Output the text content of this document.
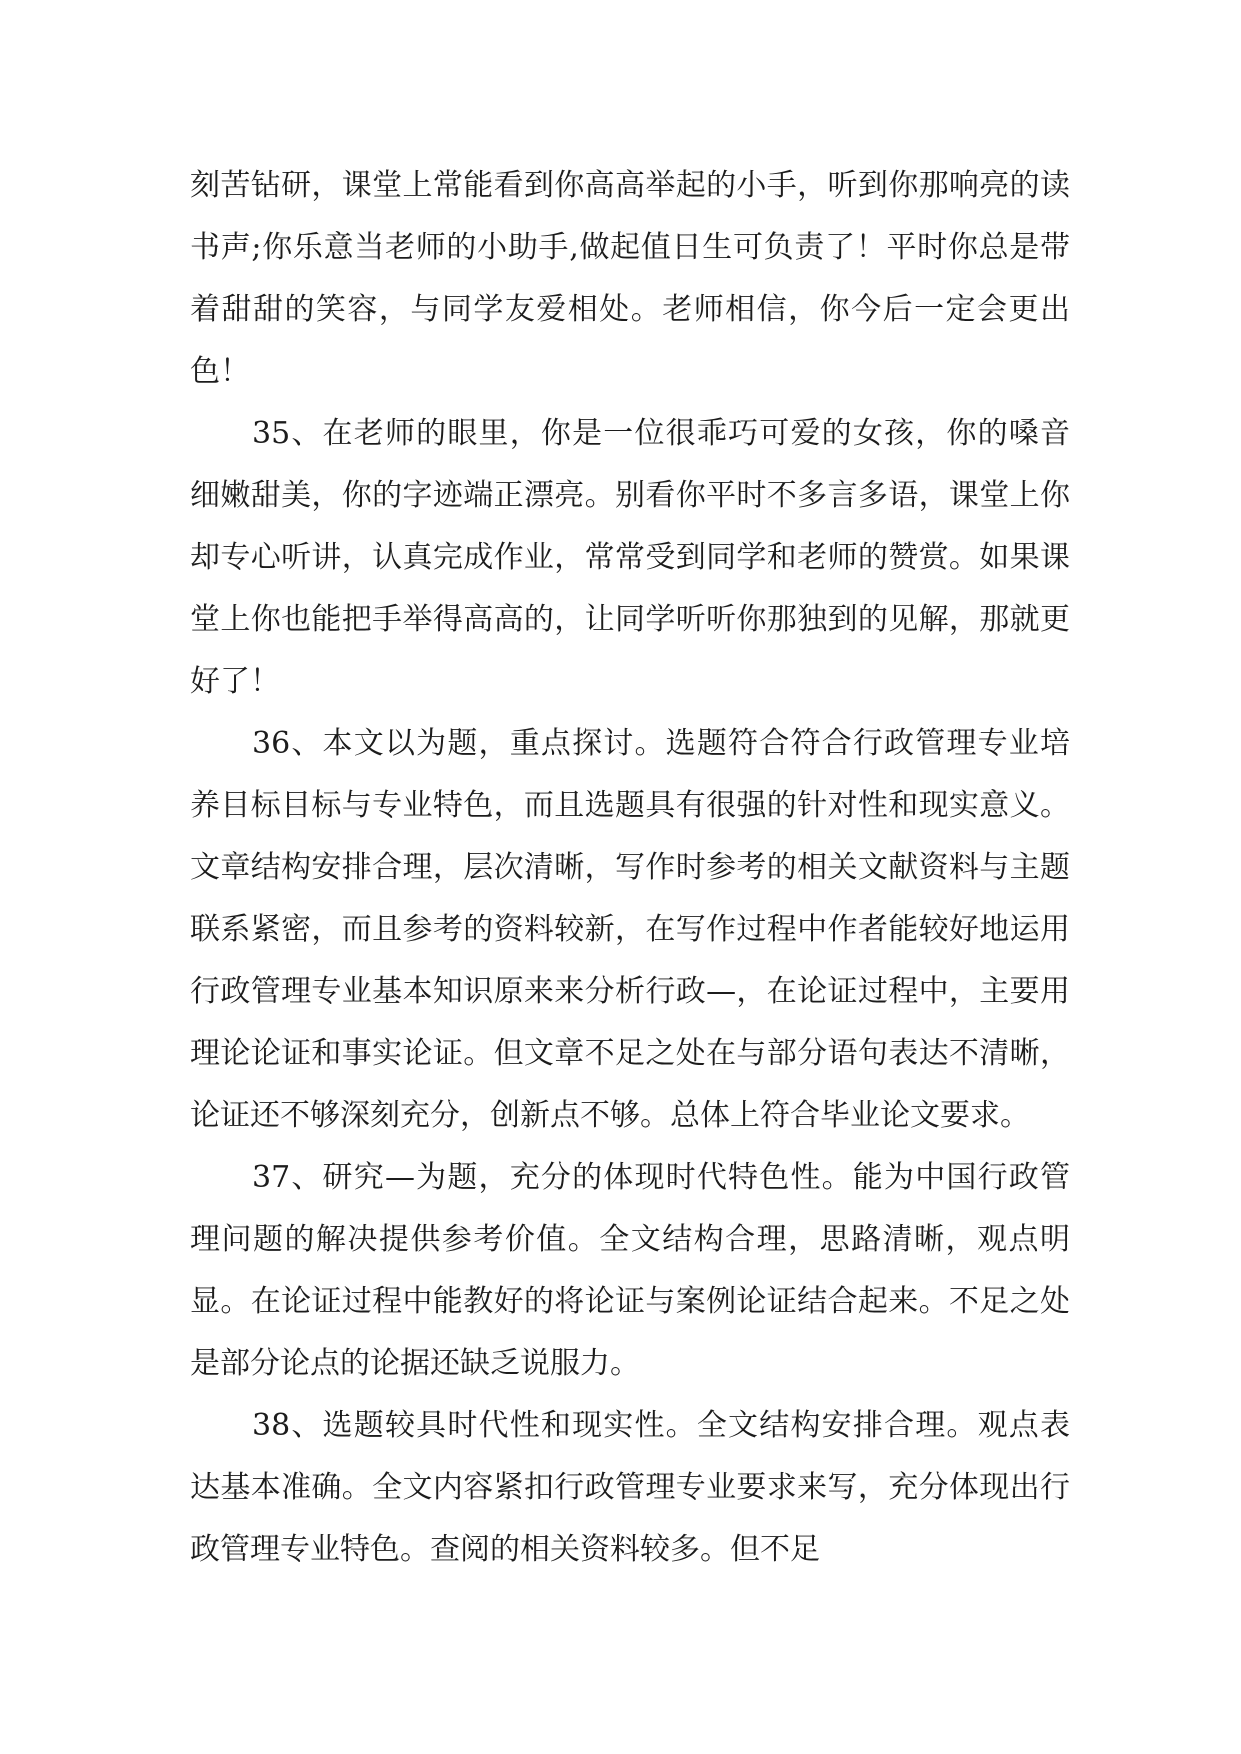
刻苦钻研，课堂上常能看到你高高举起的小手，听到你那响亮的读书声;你乐意当老师的小助手,做起值日生可负责了！平时你总是带着甜甜的笑容，与同学友爱相处。老师相信，你今后一定会更出色！

35、在老师的眼里，你是一位很乖巧可爱的女孩，你的嗓音细嫩甜美，你的字迹端正漂亮。别看你平时不多言多语，课堂上你却专心听讲，认真完成作业，常常受到同学和老师的赞赏。如果课堂上你也能把手举得高高的，让同学听听你那独到的见解，那就更好了！

36、本文以为题，重点探讨。选题符合符合行政管理专业培养目标目标与专业特色，而且选题具有很强的针对性和现实意义。文章结构安排合理，层次清晰，写作时参考的相关文献资料与主题联系紧密，而且参考的资料较新，在写作过程中作者能较好地运用行政管理专业基本知识原来来分析行政—，在论证过程中，主要用理论论证和事实论证。但文章不足之处在与部分语句表达不清晰，论证还不够深刻充分，创新点不够。总体上符合毕业论文要求。

37、研究—为题，充分的体现时代特色性。能为中国行政管理问题的解决提供参考价值。全文结构合理，思路清晰，观点明显。在论证过程中能教好的将论证与案例论证结合起来。不足之处是部分论点的论据还缺乏说服力。

38、选题较具时代性和现实性。全文结构安排合理。观点表达基本准确。全文内容紧扣行政管理专业要求来写，充分体现出行政管理专业特色。查阅的相关资料较多。但不足
